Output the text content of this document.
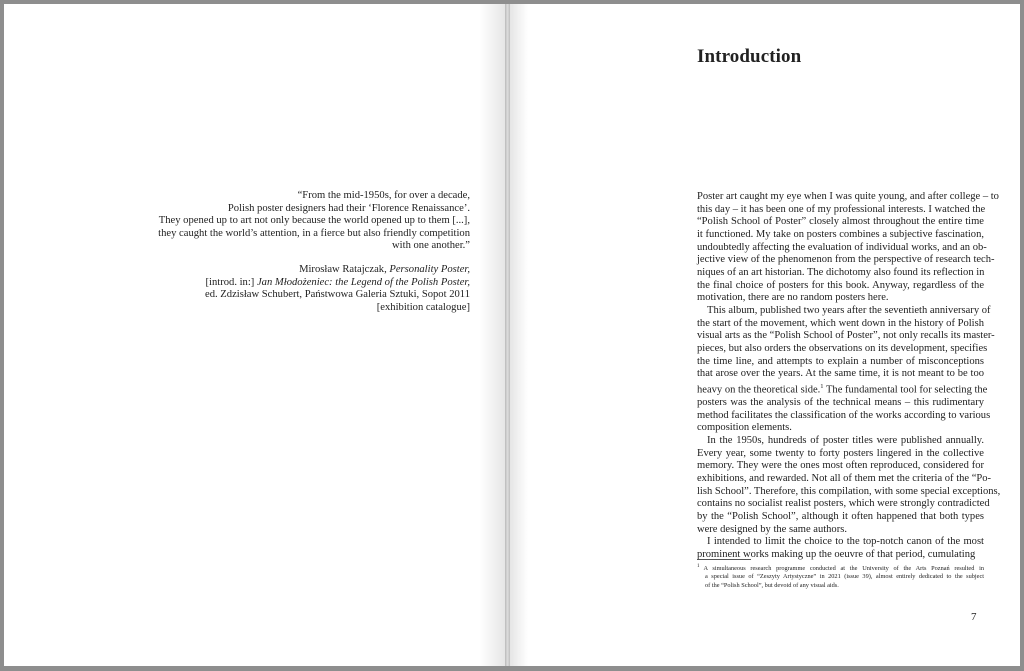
“From the mid-1950s, for over a decade,
Polish poster designers had their ‘Florence Renaissance’.
They opened up to art not only because the world opened up to them [...],
they caught the world’s attention, in a fierce but also friendly competition
with one another.”
Mirosław Ratajczak, Personality Poster,
[introd. in:] Jan Młodożeniec: the Legend of the Polish Poster,
ed. Zdzisław Schubert, Państwowa Galeria Sztuki, Sopot 2011
[exhibition catalogue]
Introduction
Poster art caught my eye when I was quite young, and after college – to
this day – it has been one of my professional interests. I watched the
“Polish School of Poster” closely almost throughout the entire time
it functioned. My take on posters combines a subjective fascination,
undoubtedly affecting the evaluation of individual works, and an ob-
jective view of the phenomenon from the perspective of research tech-
niques of an art historian. The dichotomy also found its reflection in
the final choice of posters for this book. Anyway, regardless of the
motivation, there are no random posters here.
This album, published two years after the seventieth anniversary of
the start of the movement, which went down in the history of Polish
visual arts as the “Polish School of Poster”, not only recalls its master-
pieces, but also orders the observations on its development, specifies
the time line, and attempts to explain a number of misconceptions
that arose over the years. At the same time, it is not meant to be too
heavy on the theoretical side.$^1$ The fundamental tool for selecting the
posters was the analysis of the technical means – this rudimentary
method facilitates the classification of the works according to various
composition elements.
In the 1950s, hundreds of poster titles were published annually.
Every year, some twenty to forty posters lingered in the collective
memory. They were the ones most often reproduced, considered for
exhibitions, and rewarded. Not all of them met the criteria of the “Po-
lish School”. Therefore, this compilation, with some special exceptions,
contains no socialist realist posters, which were strongly contradicted
by the “Polish School”, although it often happened that both types
were designed by the same authors.
I intended to limit the choice to the top-notch canon of the most
prominent works making up the oeuvre of that period, cumulating
$^1$ A simultaneous research programme conducted at the University of the Arts Poznań resulted in
a special issue of “Zeszyty Artystyczne” in 2021 (issue 39), almost entirely dedicated to the subject
of the “Polish School”, but devoid of any visual aids.
7
